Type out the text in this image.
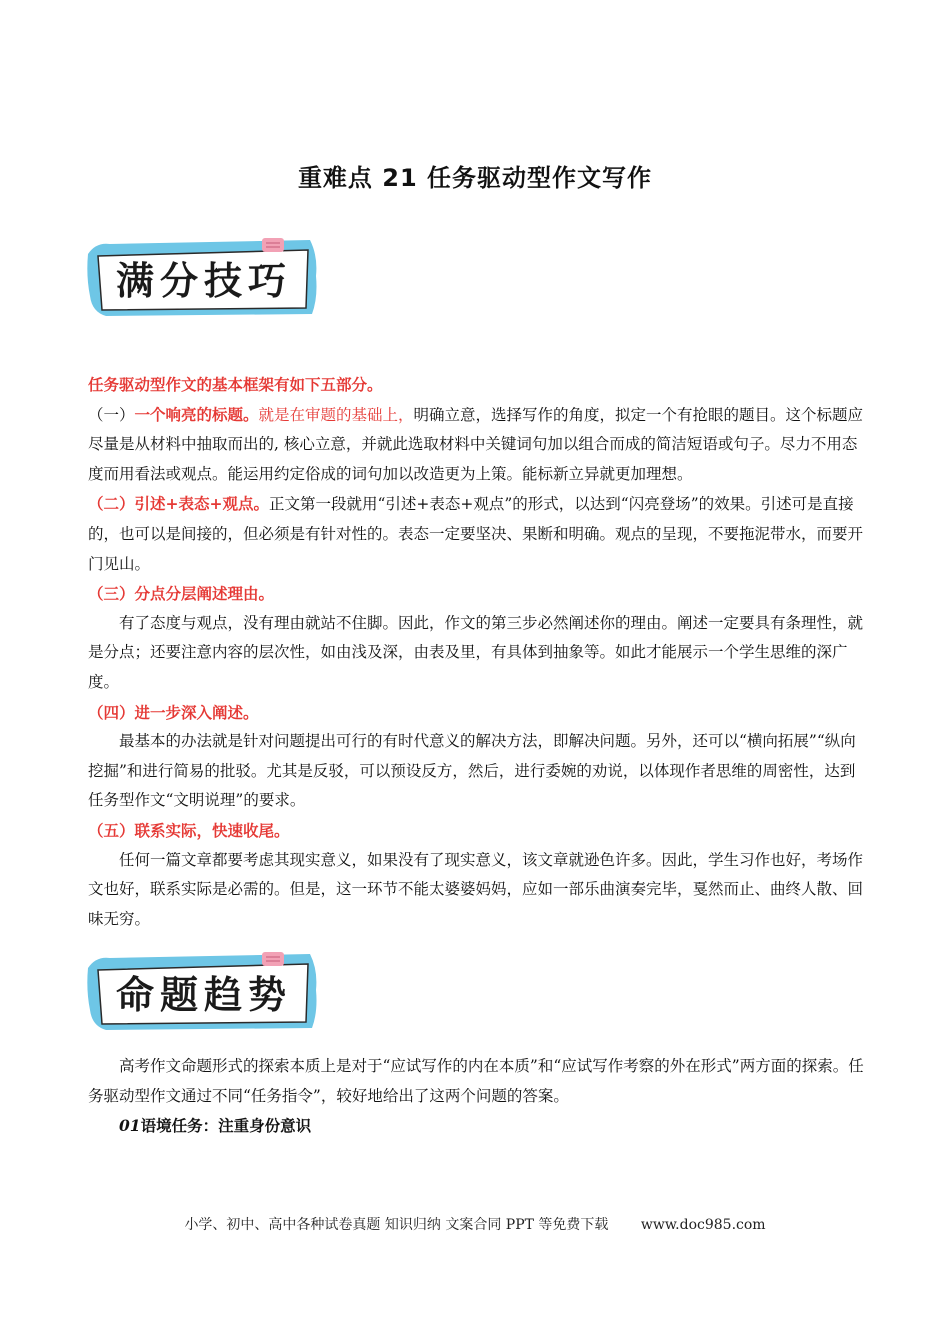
重难点 21 任务驱动型作文写作
满分技巧

任务驱动型作文的基本框架有如下五部分。

（一）一个响亮的标题。就是在审题的基础上，明确立意，选择写作的角度，拟定一个有抢眼的题目。这个标题应尽量是从材料中抽取而出的, 核心立意，并就此选取材料中关键词句加以组合而成的简洁短语或句子。尽力不用态度而用看法或观点。能运用约定俗成的词句加以改造更为上策。能标新立异就更加理想。

（二）引述+表态+观点。正文第一段就用“引述+表态+观点”的形式，以达到“闪亮登场”的效果。引述可是直接的，也可以是间接的，但必须是有针对性的。表态一定要坚决、果断和明确。观点的呈现，不要拖泥带水，而要开门见山。

（三）分点分层阐述理由。

有了态度与观点，没有理由就站不住脚。因此，作文的第三步必然阐述你的理由。阐述一定要具有条理性，就是分点；还要注意内容的层次性，如由浅及深，由表及里，有具体到抽象等。如此才能展示一个学生思维的深广度。

（四）进一步深入阐述。

最基本的办法就是针对问题提出可行的有时代意义的解决方法，即解决问题。另外，还可以“横向拓展”“纵向挖掘”和进行简易的批驳。尤其是反驳，可以预设反方，然后，进行委婉的劝说，以体现作者思维的周密性，达到任务型作文“文明说理”的要求。

（五）联系实际，快速收尾。

任何一篇文章都要考虑其现实意义，如果没有了现实意义，该文章就逊色许多。因此，学生习作也好，考场作文也好，联系实际是必需的。但是，这一环节不能太婆婆妈妈，应如一部乐曲演奏完毕，戛然而止、曲终人散、回味无穷。

命题趋势

高考作文命题形式的探索本质上是对于“应试写作的内在本质”和“应试写作考察的外在形式”两方面的探索。任务驱动型作文通过不同“任务指令”，较好地给出了这两个问题的答案。

01语境任务：注重身份意识

小学、初中、高中各种试卷真题 知识归纳 文案合同 PPT 等免费下载 www.doc985.com
